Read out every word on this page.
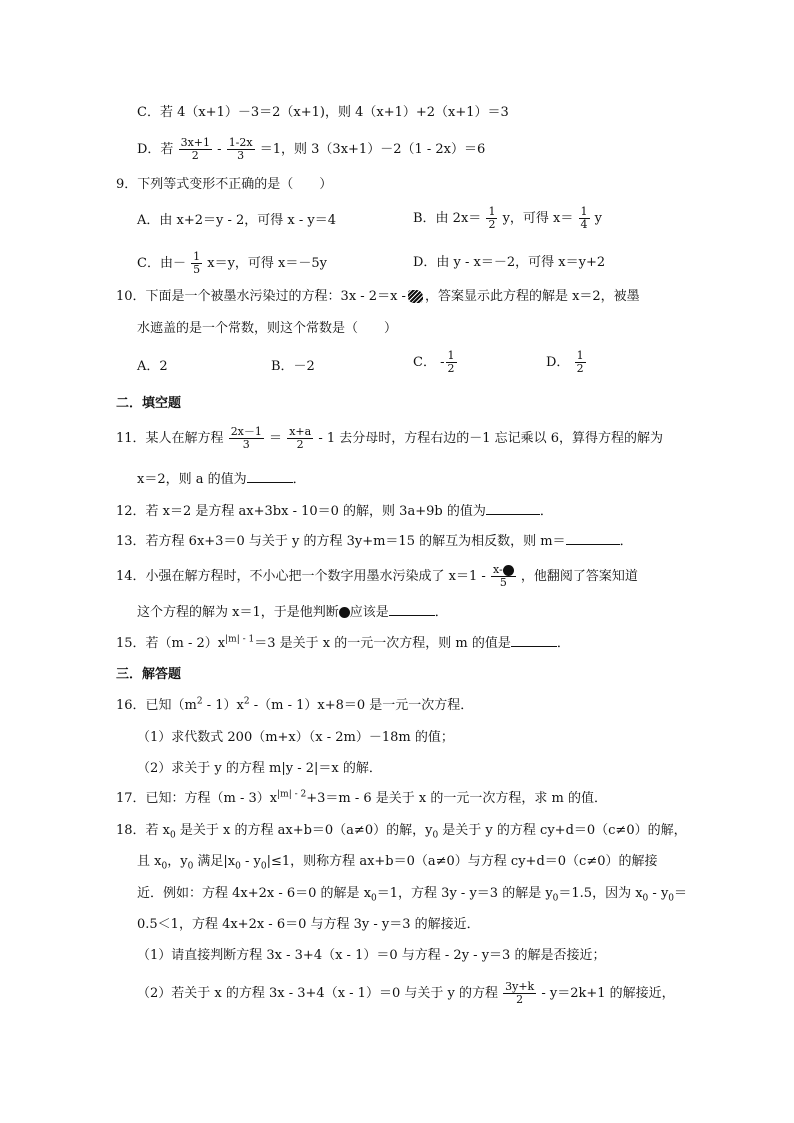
C．若 4（x+1）－3＝2（x+1)，则 4（x+1）+2（x+1）＝3
D．若 $\frac{3x+1}{2} - \frac{1-2x}{3} =1$，则 3（3x+1）－2（1 - 2x）＝6
9．下列等式变形不正确的是（　　）
A．由 x+2＝y - 2，可得 x - y＝4	B．由 $2x= \frac{1}{2}$ y，可得 $x= \frac{1}{4}$ y
C．由－ $\frac{1}{5} x=y$，可得 x＝－5y	D．由 y - x＝－2，可得 x＝y+2
10．下面是一个被墨水污染过的方程：3x - 2＝x - ，答案显示此方程的解是 x＝2，被墨
水遮盖的是一个常数，则这个常数是（　　）
A．2	B．－2	C． - $\frac{1}{2}$	D． $\frac{1}{2}$
二．填空题
11．某人在解方程 $\frac{2x-1}{3} = \frac{x+a}{2} - 1$ 去分母时，方程右边的－1 忘记乘以 6，算得方程的解为
x＝2，则 a 的值为	．
12．若 x＝2 是方程 ax+3bx - 10＝0 的解，则 3a+9b 的值为	．
13．若方程 6x+3＝0 与关于 y 的方程 3y+m＝15 的解互为相反数，则 m＝	．
14．小强在解方程时，不小心把一个数字用墨水污染成了 $x=1 - \frac{x-}{5}$ ，他翻阅了答案知道
这个方程的解为 x＝1，于是他判断 应该是	．
15．若$(m - 2)x^{|m| - 1}=3$ 是关于 x 的一元一次方程，则 m 的值是	．
三．解答题
16．已知$(m^2 - 1)x^2$ -（m - 1）x+8＝0 是一元一次方程．
（1）求代数式 200（m+x）（x - 2m）－18m 的值；
（2）求关于 y 的方程 m|y - 2|＝x 的解．
17．已知：方程$(m - 3)x^{|m| - 2}+3=m - 6$ 是关于 x 的一元一次方程，求 m 的值．
18．若 $x_0$ 是关于 x 的方程 ax+b＝0（a≠0）的解，$y_0$ 是关于 y 的方程 cy+d＝0（c≠0）的解，
且 $x_0$，$y_0$ 满足$|x_0 - y_0|\le 1$，则称方程 ax+b＝0（a≠0）与方程 cy+d＝0（c≠0）的解接
近．例如：方程 4x+2x - 6＝0 的解是 $x_0=1$，方程 3y - y＝3 的解是 $y_0=1.5$，因为 $x_0 - y_0=$
0.5＜1，方程 4x+2x - 6＝0 与方程 3y - y＝3 的解接近．
（1）请直接判断方程 3x - 3+4（x - 1）＝0 与方程 - 2y - y＝3 的解是否接近；
（2）若关于 x 的方程 3x - 3+4（x - 1）＝0 与关于 y 的方程 $\frac{3y+k}{2} - y=2k+1$ 的解接近，
